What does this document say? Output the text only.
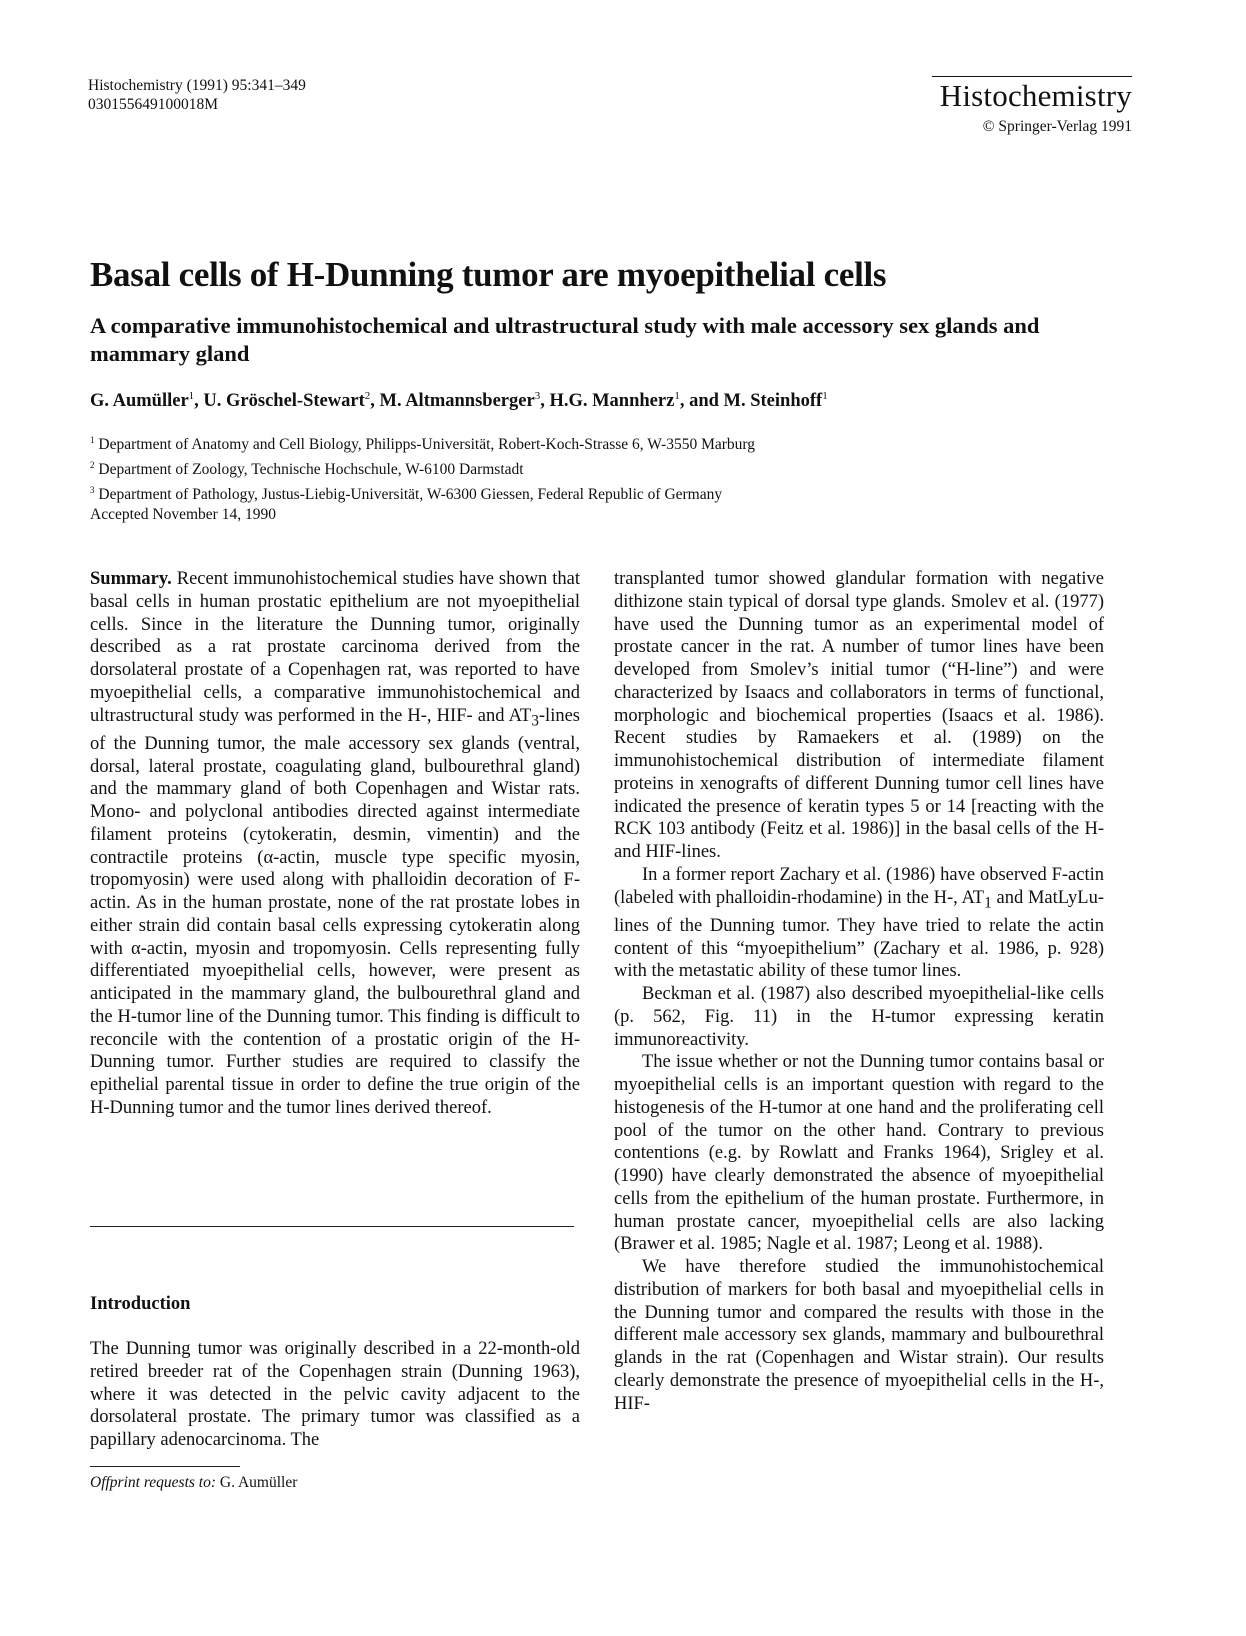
Histochemistry (1991) 95:341–349
030155649100018M	Histochemistry
© Springer-Verlag 1991
Basal cells of H-Dunning tumor are myoepithelial cells
A comparative immunohistochemical and ultrastructural study with male accessory sex glands and mammary gland
G. Aumüller$^1$, U. Gröschel-Stewart$^2$, M. Altmannsberger$^3$, H.G. Mannherz$^1$, and M. Steinhoff$^1$
$^1$ Department of Anatomy and Cell Biology, Philipps-Universität, Robert-Koch-Strasse 6, W-3550 Marburg
$^2$ Department of Zoology, Technische Hochschule, W-6100 Darmstadt
$^3$ Department of Pathology, Justus-Liebig-Universität, W-6300 Giessen, Federal Republic of Germany
Accepted November 14, 1990

Summary. Recent immunohistochemical studies have shown that basal cells in human prostatic epithelium are not myoepithelial cells. Since in the literature the Dunning tumor, originally described as a rat prostate carcinoma derived from the dorsolateral prostate of a Copenhagen rat, was reported to have myoepithelial cells, a comparative immunohistochemical and ultrastructural study was performed in the H-, HIF- and $AT_3$-lines of the Dunning tumor, the male accessory sex glands (ventral, dorsal, lateral prostate, coagulating gland, bulbourethral gland) and the mammary gland of both Copenhagen and Wistar rats. Mono- and polyclonal antibodies directed against intermediate filament proteins (cytokeratin, desmin, vimentin) and the contractile proteins (α-actin, muscle type specific myosin, tropomyosin) were used along with phalloidin decoration of F-actin. As in the human prostate, none of the rat prostate lobes in either strain did contain basal cells expressing cytokeratin along with α-actin, myosin and tropomyosin. Cells representing fully differentiated myoepithelial cells, however, were present as anticipated in the mammary gland, the bulbourethral gland and the H-tumor line of the Dunning tumor. This finding is difficult to reconcile with the contention of a prostatic origin of the H-Dunning tumor. Further studies are required to classify the epithelial parental tissue in order to define the true origin of the H-Dunning tumor and the tumor lines derived thereof.

Introduction

The Dunning tumor was originally described in a 22-month-old retired breeder rat of the Copenhagen strain (Dunning 1963), where it was detected in the pelvic cavity adjacent to the dorsolateral prostate. The primary tumor was classified as a papillary adenocarcinoma. The

Offprint requests to: G. Aumüller

transplanted tumor showed glandular formation with negative dithizone stain typical of dorsal type glands. Smolev et al. (1977) have used the Dunning tumor as an experimental model of prostate cancer in the rat. A number of tumor lines have been developed from Smolev’s initial tumor (“H-line”) and were characterized by Isaacs and collaborators in terms of functional, morphologic and biochemical properties (Isaacs et al. 1986). Recent studies by Ramaekers et al. (1989) on the immunohistochemical distribution of intermediate filament proteins in xenografts of different Dunning tumor cell lines have indicated the presence of keratin types 5 or 14 [reacting with the RCK 103 antibody (Feitz et al. 1986)] in the basal cells of the H- and HIF-lines.

In a former report Zachary et al. (1986) have observed F-actin (labeled with phalloidin-rhodamine) in the H-, $AT_1$ and MatLyLu-lines of the Dunning tumor. They have tried to relate the actin content of this “myoepithelium” (Zachary et al. 1986, p. 928) with the metastatic ability of these tumor lines.

Beckman et al. (1987) also described myoepithelial-like cells (p. 562, Fig. 11) in the H-tumor expressing keratin immunoreactivity.

The issue whether or not the Dunning tumor contains basal or myoepithelial cells is an important question with regard to the histogenesis of the H-tumor at one hand and the proliferating cell pool of the tumor on the other hand. Contrary to previous contentions (e.g. by Rowlatt and Franks 1964), Srigley et al. (1990) have clearly demonstrated the absence of myoepithelial cells from the epithelium of the human prostate. Furthermore, in human prostate cancer, myoepithelial cells are also lacking (Brawer et al. 1985; Nagle et al. 1987; Leong et al. 1988).

We have therefore studied the immunohistochemical distribution of markers for both basal and myoepithelial cells in the Dunning tumor and compared the results with those in the different male accessory sex glands, mammary and bulbourethral glands in the rat (Copenhagen and Wistar strain). Our results clearly demonstrate the presence of myoepithelial cells in the H-, HIF-
